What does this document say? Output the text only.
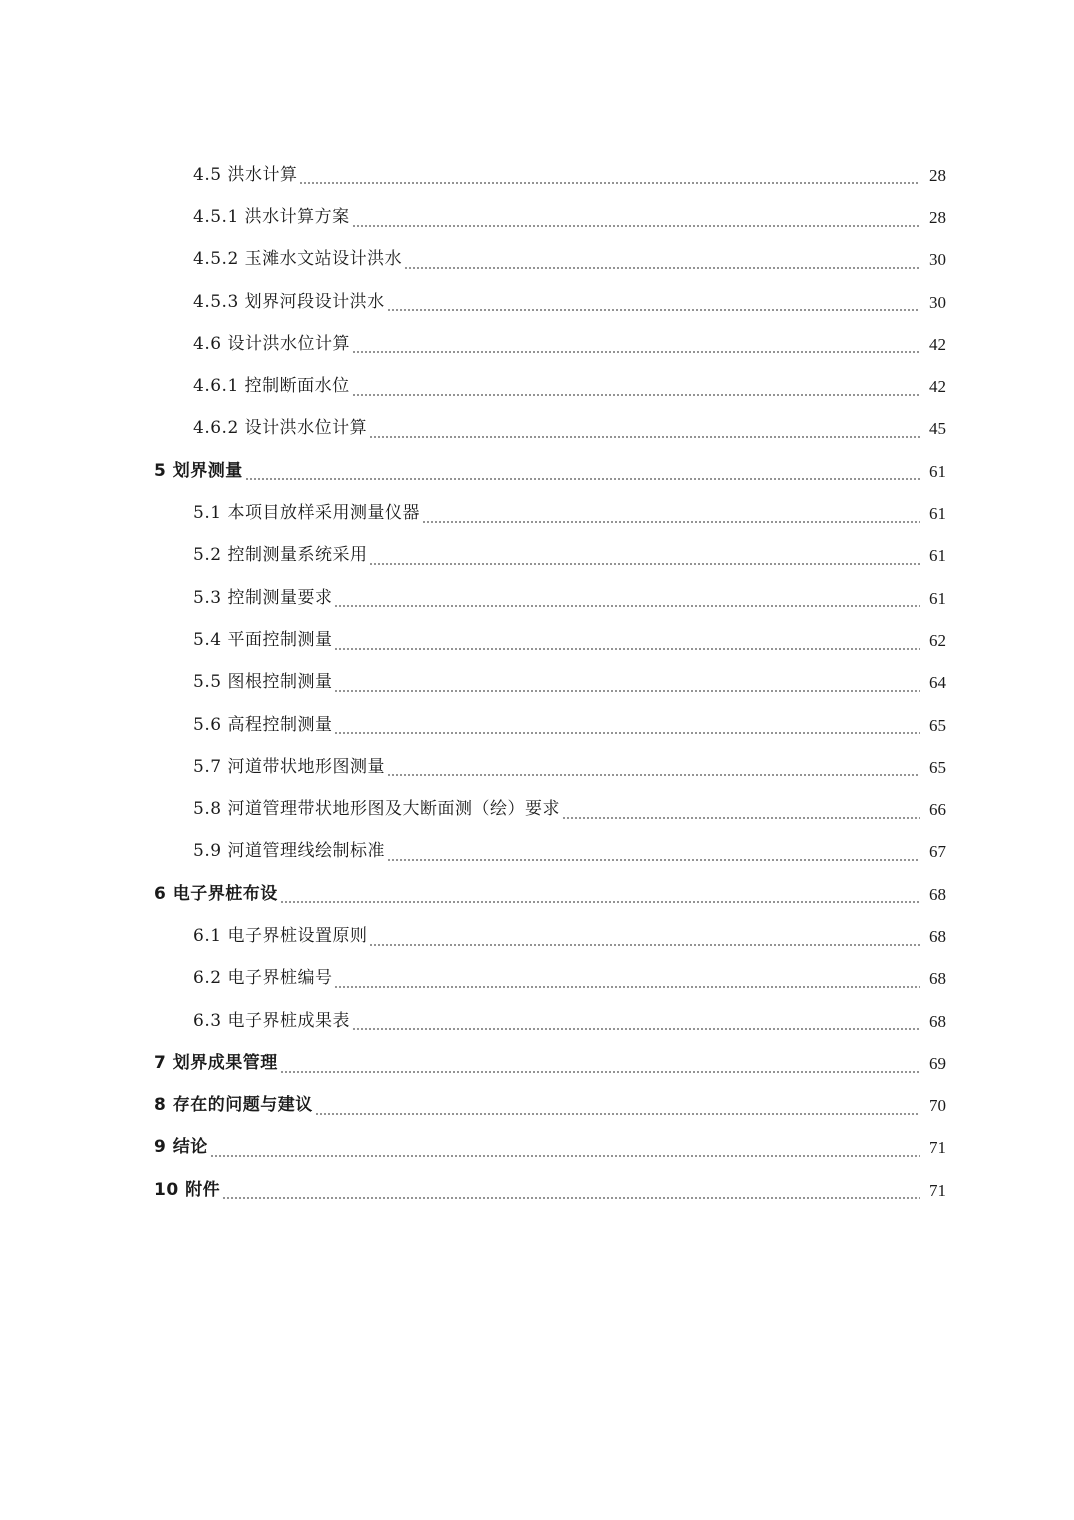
4.5 洪水计算	28
4.5.1 洪水计算方案	28
4.5.2 玉滩水文站设计洪水	30
4.5.3 划界河段设计洪水	30
4.6 设计洪水位计算	42
4.6.1 控制断面水位	42
4.6.2 设计洪水位计算	45
5 划界测量	61
5.1 本项目放样采用测量仪器	61
5.2 控制测量系统采用	61
5.3 控制测量要求	61
5.4 平面控制测量	62
5.5 图根控制测量	64
5.6 高程控制测量	65
5.7 河道带状地形图测量	65
5.8 河道管理带状地形图及大断面测（绘）要求	66
5.9 河道管理线绘制标准	67
6 电子界桩布设	68
6.1 电子界桩设置原则	68
6.2 电子界桩编号	68
6.3 电子界桩成果表	68
7 划界成果管理	69
8 存在的问题与建议	70
9 结论	71
10 附件	71
